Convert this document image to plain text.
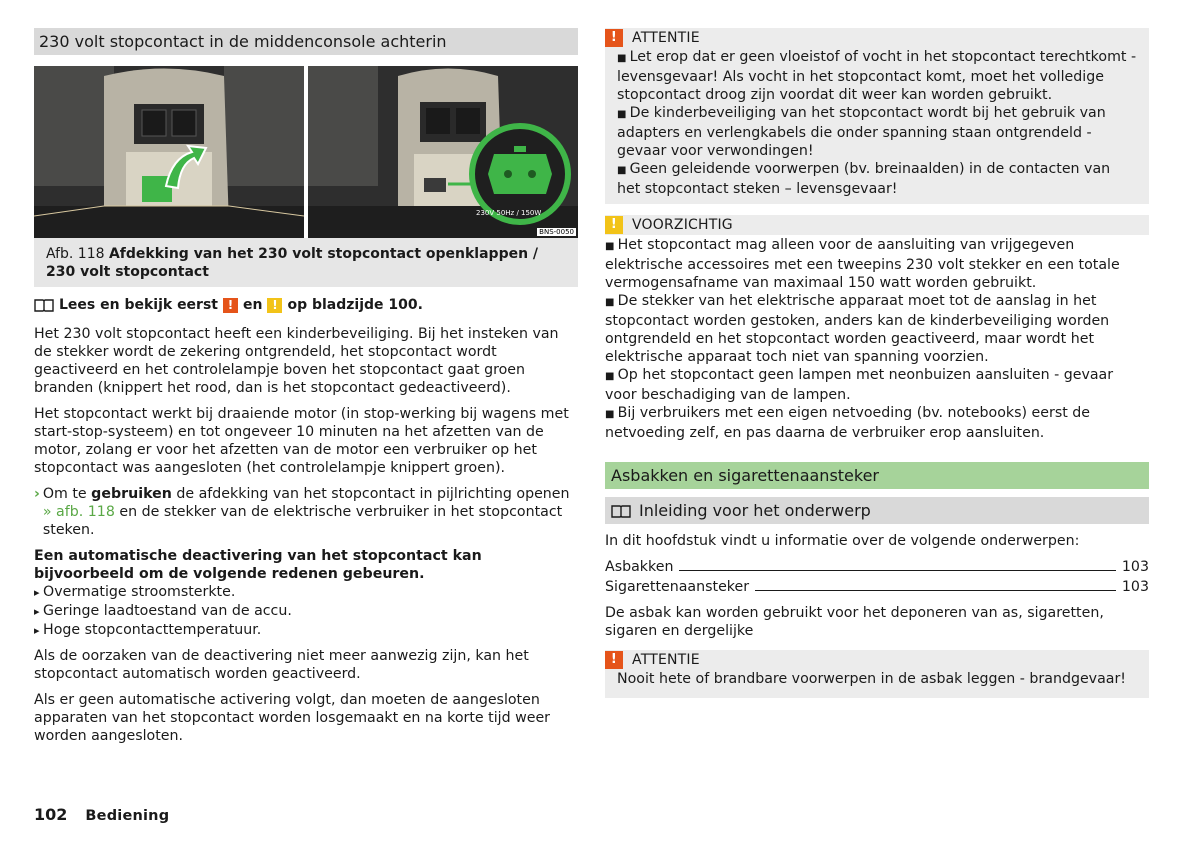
230 volt stopcontact in de middenconsole achterin
230V 50Hz / 150W
BNS-0050
Afb. 118 Afdekking van het 230 volt stopcontact openklappen / 230 volt stopcontact
Lees en bekijk eerst ! en ! op bladzijde 100.

Het 230 volt stopcontact heeft een kinderbeveiliging. Bij het insteken van de stekker wordt de zekering ontgrendeld, het stopcontact wordt geactiveerd en het controlelampje boven het stopcontact gaat groen branden (knippert het rood, dan is het stopcontact gedeactiveerd).

Het stopcontact werkt bij draaiende motor (in stop-werking bij wagens met start-stop-systeem) en tot ongeveer 10 minuten na het afzetten van de motor, zolang er voor het afzetten van de motor een verbruiker op het stopcontact was aangesloten (het controlelampje knippert groen).

› Om te gebruiken de afdekking van het stopcontact in pijlrichting openen » afb. 118 en de stekker van de elektrische verbruiker in het stopcontact steken.
Een automatische deactivering van het stopcontact kan bijvoorbeeld om de volgende redenen gebeuren.
▸ Overmatige stroomsterkte.
▸ Geringe laadtoestand van de accu.
▸ Hoge stopcontacttemperatuur.

Als de oorzaken van de deactivering niet meer aanwezig zijn, kan het stopcontact automatisch worden geactiveerd.

Als er geen automatische activering volgt, dan moeten de aangesloten apparaten van het stopcontact worden losgemaakt en na korte tijd weer worden aangesloten.

!	ATTENTIE
■ Let erop dat er geen vloeistof of vocht in het stopcontact terechtkomt - levensgevaar! Als vocht in het stopcontact komt, moet het volledige stopcontact droog zijn voordat dit weer kan worden gebruikt.
■ De kinderbeveiliging van het stopcontact wordt bij het gebruik van adapters en verlengkabels die onder spanning staan ontgrendeld - gevaar voor verwondingen!
■ Geen geleidende voorwerpen (bv. breinaalden) in de contacten van het stopcontact steken – levensgevaar!
!	VOORZICHTIG
■ Het stopcontact mag alleen voor de aansluiting van vrijgegeven elektrische accessoires met een tweepins 230 volt stekker en een totale vermogensafname van maximaal 150 watt worden gebruikt.
■ De stekker van het elektrische apparaat moet tot de aanslag in het stopcontact worden gestoken, anders kan de kinderbeveiliging worden ontgrendeld en het stopcontact worden geactiveerd, maar wordt het elektrische apparaat toch niet van spanning voorzien.
■ Op het stopcontact geen lampen met neonbuizen aansluiten - gevaar voor beschadiging van de lampen.
■ Bij verbruikers met een eigen netvoeding (bv. notebooks) eerst de netvoeding zelf, en pas daarna de verbruiker erop aansluiten.
Asbakken en sigarettenaansteker
Inleiding voor het onderwerp

In dit hoofdstuk vindt u informatie over de volgende onderwerpen:

Asbakken	103
Sigarettenaansteker	103

De asbak kan worden gebruikt voor het deponeren van as, sigaretten, sigaren en dergelijke

!	ATTENTIE
Nooit hete of brandbare voorwerpen in de asbak leggen - brandgevaar!
102 Bediening
